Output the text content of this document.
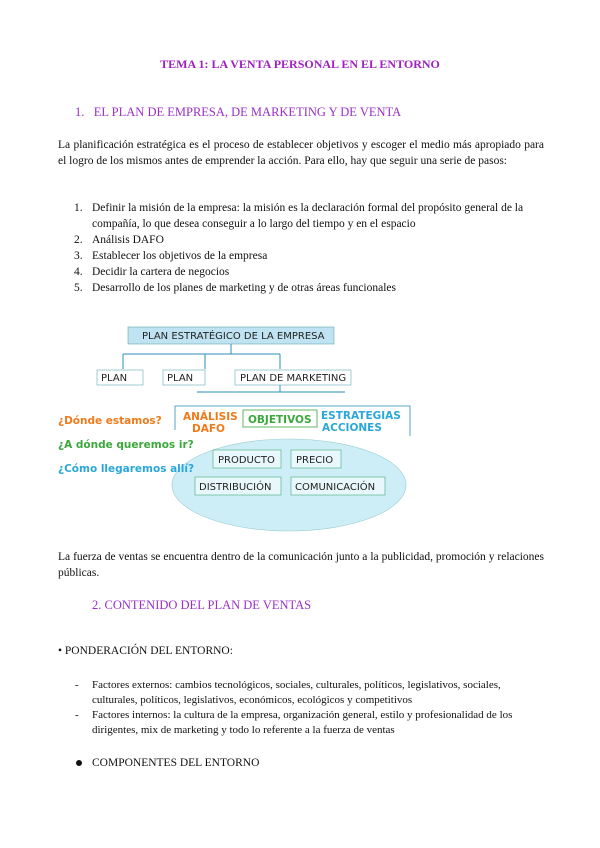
TEMA 1: LA VENTA PERSONAL EN EL ENTORNO
1. EL PLAN DE EMPRESA, DE MARKETING Y DE VENTA
La planificación estratégica es el proceso de establecer objetivos y escoger el medio más apropiado para el logro de los mismos antes de emprender la acción. Para ello, hay que seguir una serie de pasos:
1. Definir la misión de la empresa: la misión es la declaración formal del propósito general de la compañía, lo que desea conseguir a lo largo del tiempo y en el espacio
2. Análisis DAFO
3. Establecer los objetivos de la empresa
4. Decidir la cartera de negocios
5. Desarrollo de los planes de marketing y de otras áreas funcionales
PLAN ESTRATÉGICO DE LA EMPRESA
PLAN	PLAN	PLAN DE MARKETING
¿Dónde estamos?
¿A dónde queremos ir?
¿Cómo llegaremos allí?
ANÁLISIS
DAFO
OBJETIVOS ESTRATEGIAS
ACCIONES
PRODUCTO PRECIO
DISTRIBUCIÓN COMUNICACIÓN
La fuerza de ventas se encuentra dentro de la comunicación junto a la publicidad, promoción y relaciones públicas.
2. CONTENIDO DEL PLAN DE VENTAS
• PONDERACIÓN DEL ENTORNO:
- Factores externos: cambios tecnológicos, sociales, culturales, políticos, legislativos, sociales, culturales, políticos, legislativos, económicos, ecológicos y competitivos
- Factores internos: la cultura de la empresa, organización general, estilo y profesionalidad de los dirigentes, mix de marketing y todo lo referente a la fuerza de ventas
COMPONENTES DEL ENTORNO
